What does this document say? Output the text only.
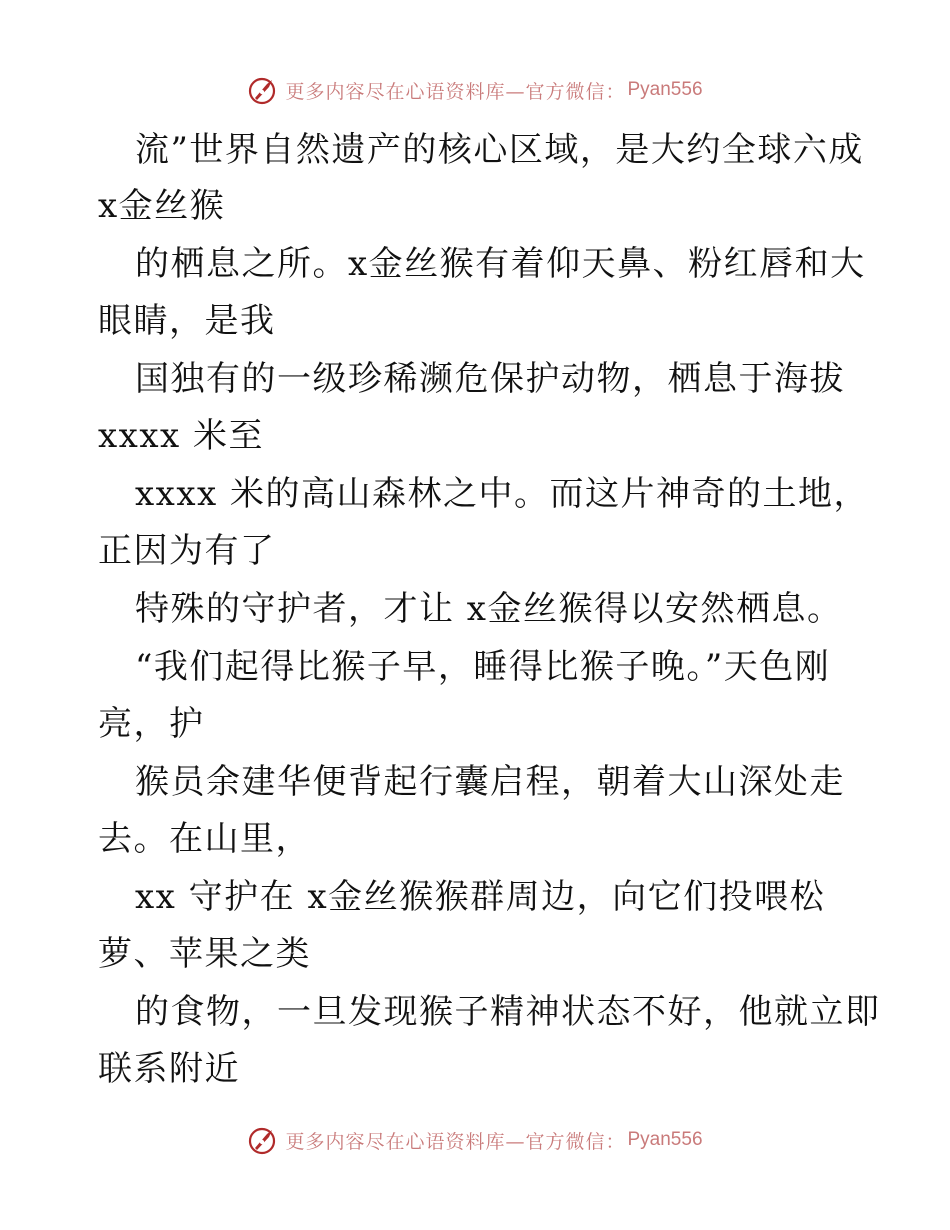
更多内容尽在心语资料库—官方微信： Pyan556
流”世界自然遗产的核心区域，是大约全球六成
x金丝猴
的栖息之所。x金丝猴有着仰天鼻、粉红唇和大
眼睛，是我
国独有的一级珍稀濒危保护动物，栖息于海拔
xxxx 米至
xxxx 米的高山森林之中。而这片神奇的土地，
正因为有了
特殊的守护者，才让 x金丝猴得以安然栖息。
“我们起得比猴子早，睡得比猴子晚。”天色刚
亮，护
猴员余建华便背起行囊启程，朝着大山深处走
去。在山里，
xx 守护在 x金丝猴猴群周边，向它们投喂松
萝、苹果之类
的食物，一旦发现猴子精神状态不好，他就立即
联系附近
更多内容尽在心语资料库—官方微信： Pyan556
